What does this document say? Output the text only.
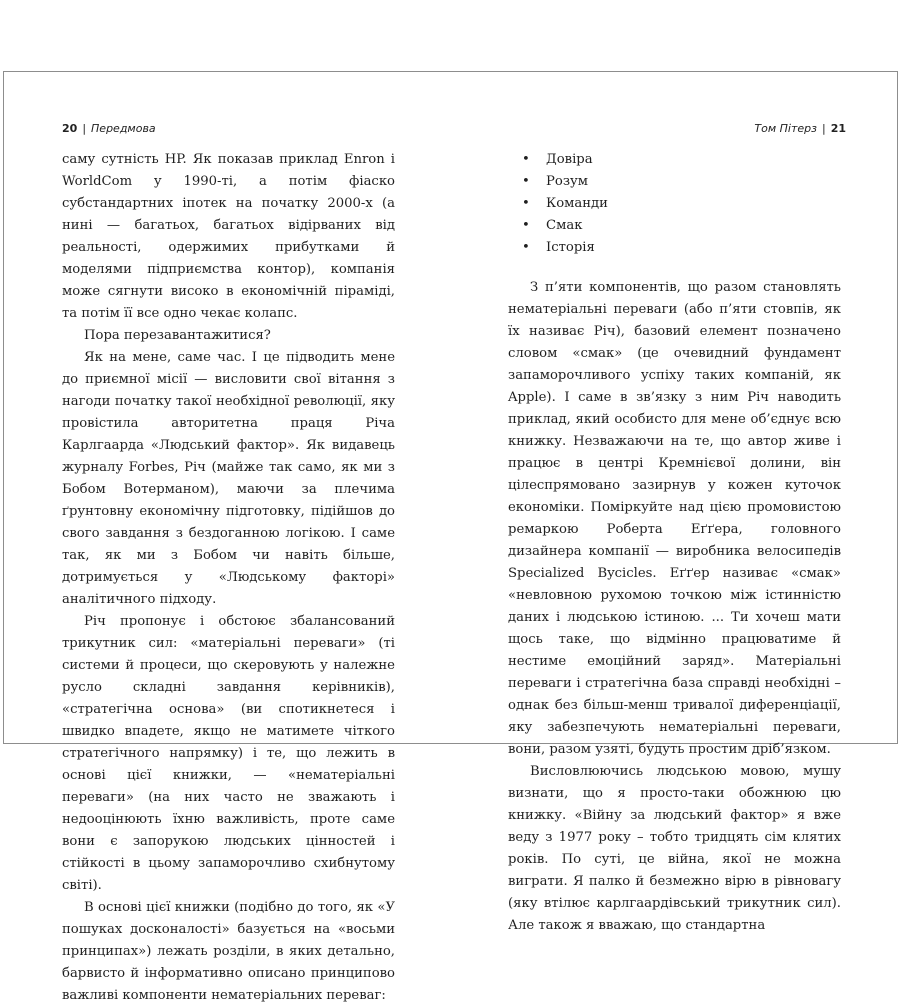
20 | Передмова	Том Пітерз | 21

саму сутність HP. Як показав приклад Enron і WorldCom у 1990-ті, а потім фіаско субстандартних іпотек на початку 2000-х (а нині — багатьох, багатьох відірваних від реальності, одержимих прибутками й моделями підприємства контор), компанія може сягнути високо в економічній піраміді, та потім її все одно чекає колапс.

Пора перезавантажитися?

Як на мене, саме час. І це підводить мене до приємної місії — висловити свої вітання з нагоди початку такої необхідної революції, яку провістила авторитетна праця Річа Карлгаарда «Людський фактор». Як видавець журналу Forbes, Річ (майже так само, як ми з Бобом Вотерманом), маючи за плечима ґрунтовну економічну підготовку, підійшов до свого завдання з бездоганною логікою. І саме так, як ми з Бобом чи навіть більше, дотримується у «Людському факторі» аналітичного підходу.

Річ пропонує і обстоює збалансований трикутник сил: «матеріальні переваги» (ті системи й процеси, що скеровують у належне русло складні завдання керівників), «стратегічна основа» (ви спотикнетеся і швидко впадете, якщо не матимете чіткого стратегічного напрямку) і те, що лежить в основі цієї книжки, — «нематеріальні переваги» (на них часто не зважають і недооцінюють їхню важливість, проте саме вони є запорукою людських цінностей і стійкості в цьому запаморочливо схибнутому світі).

В основі цієї книжки (подібно до того, як «У пошуках досконалості» базується на «восьми принципах») лежать розділи, в яких детально, барвисто й інформативно описано принципово важливі компоненти нематеріальних переваг:

• Довіра
• Розум
• Команди
• Смак
• Історія

З п’яти компонентів, що разом становлять нематеріальні переваги (або п’яти стовпів, як їх називає Річ), базовий елемент позначено словом «смак» (це очевидний фундамент запаморочливого успіху таких компаній, як Apple). І саме в зв’язку з ним Річ наводить приклад, який особисто для мене об’єднує всю книжку. Незважаючи на те, що автор живе і працює в центрі Кремнієвої долини, він цілеспрямовано зазирнув у кожен куточок економіки. Поміркуйте над цією промовистою ремаркою Роберта Еґґера, головного дизайнера компанії — виробника велосипедів Specialized Bycicles. Еґґер називає «смак» «невловною рухомою точкою між істинністю даних і людською істиною. ... Ти хочеш мати щось таке, що відмінно працюватиме й нестиме емоційний заряд». Матеріальні переваги і стратегічна база справді необхідні – однак без більш-менш тривалої диференціації, яку забезпечують нематеріальні переваги, вони, разом узяті, будуть простим дріб’язком.

Висловлюючись людською мовою, мушу визнати, що я просто-таки обожнюю цю книжку. «Війну за людський фактор» я вже веду з 1977 року – тобто тридцять сім клятих років. По суті, це війна, якої не можна виграти. Я палко й безмежно вірю в рівновагу (яку втілює карлгаардівський трикутник сил). Але також я вважаю, що стандартна
